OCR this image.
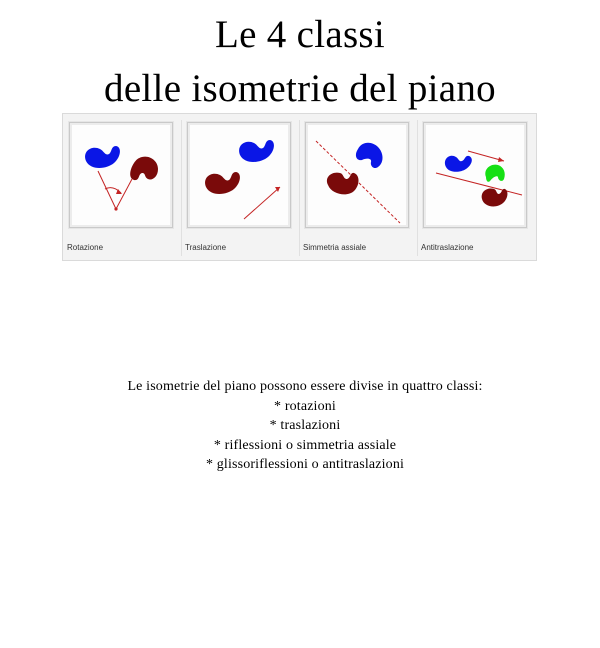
Le 4 classi
delle isometrie del piano
Rotazione	Traslazione	Simmetria assiale	Antitraslazione
Le isometrie del piano possono essere divise in quattro classi:
* rotazioni
* traslazioni
* riflessioni o simmetria assiale
* glissoriflessioni o antitraslazioni
